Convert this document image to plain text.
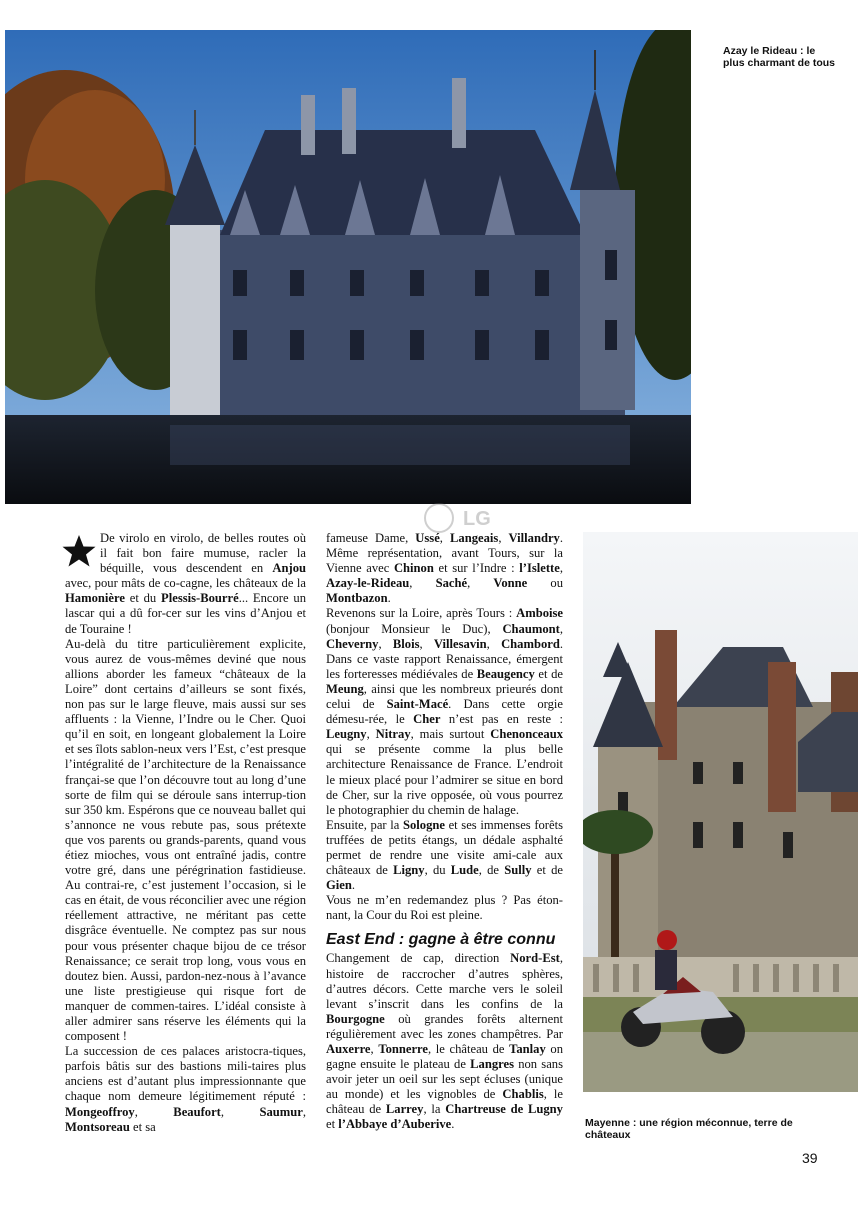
Azay le Rideau : le plus charmant de tous
Mayenne : une région méconnue, terre de châteaux
LG

De virolo en virolo, de belles routes où il fait bon faire mumuse, racler la béquille, vous descendent en Anjou avec, pour mâts de co-cagne, les châteaux de la Hamonière et du Plessis-Bourré... Encore un lascar qui a dû for-cer sur les vins d’Anjou et de Touraine !

Au-delà du titre particulièrement explicite, vous aurez de vous-mêmes deviné que nous allions aborder les fameux “châteaux de la Loire” dont certains d’ailleurs se sont fixés, non pas sur le large fleuve, mais aussi sur ses affluents : la Vienne, l’Indre ou le Cher. Quoi qu’il en soit, en longeant globalement la Loire et ses îlots sablon-neux vers l’Est, c’est presque l’intégralité de l’architecture de la Renaissance françai-se que l’on découvre tout au long d’une sorte de film qui se déroule sans interrup-tion sur 350 km. Espérons que ce nouveau ballet qui s’annonce ne vous rebute pas, sous prétexte que vos parents ou grands-parents, quand vous étiez mioches, vous ont entraîné jadis, contre votre gré, dans une pérégrination fastidieuse. Au contrai-re, c’est justement l’occasion, si le cas en était, de vous réconcilier avec une région réellement attractive, ne méritant pas cette disgrâce éventuelle. Ne comptez pas sur nous pour vous présenter chaque bijou de ce trésor Renaissance; ce serait trop long, vous vous en doutez bien. Aussi, pardon-nez-nous à l’avance une liste prestigieuse qui risque fort de manquer de commen-taires. L’idéal consiste à aller admirer sans réserve les éléments qui la composent !

La succession de ces palaces aristocra-tiques, parfois bâtis sur des bastions mili-taires plus anciens est d’autant plus impressionnante que chaque nom demeure légitimement réputé : Mongeoffroy, Beaufort, Saumur, Montsoreau et sa

fameuse Dame, Ussé, Langeais, Villandry. Même représentation, avant Tours, sur la Vienne avec Chinon et sur l’Indre : l’Islette, Azay-le-Rideau, Saché, Vonne ou Montbazon.

Revenons sur la Loire, après Tours : Amboise (bonjour Monsieur le Duc), Chaumont, Cheverny, Blois, Villesavin, Chambord. Dans ce vaste rapport Renaissance, émergent les forteresses médiévales de Beaugency et de Meung, ainsi que les nombreux prieurés dont celui de Saint-Macé. Dans cette orgie démesu-rée, le Cher n’est pas en reste : Leugny, Nitray, mais surtout Chenonceaux qui se présente comme la plus belle architecture Renaissance de France. L’endroit le mieux placé pour l’admirer se situe en bord de Cher, sur la rive opposée, où vous pourrez le photographier du chemin de halage.

Ensuite, par la Sologne et ses immenses forêts truffées de petits étangs, un dédale asphalté permet de rendre une visite ami-cale aux châteaux de Ligny, du Lude, de Sully et de Gien.

Vous ne m’en redemandez plus ? Pas éton-nant, la Cour du Roi est pleine.

East End : gagne à être connu

Changement de cap, direction Nord-Est, histoire de raccrocher d’autres sphères, d’autres décors. Cette marche vers le soleil levant s’inscrit dans les confins de la Bourgogne où grandes forêts alternent régulièrement avec les zones champêtres. Par Auxerre, Tonnerre, le château de Tanlay on gagne ensuite le plateau de Langres non sans avoir jeter un oeil sur les sept écluses (unique au monde) et les vignobles de Chablis, le château de Larrey, la Chartreuse de Lugny et l’Abbaye d’Auberive.

39
